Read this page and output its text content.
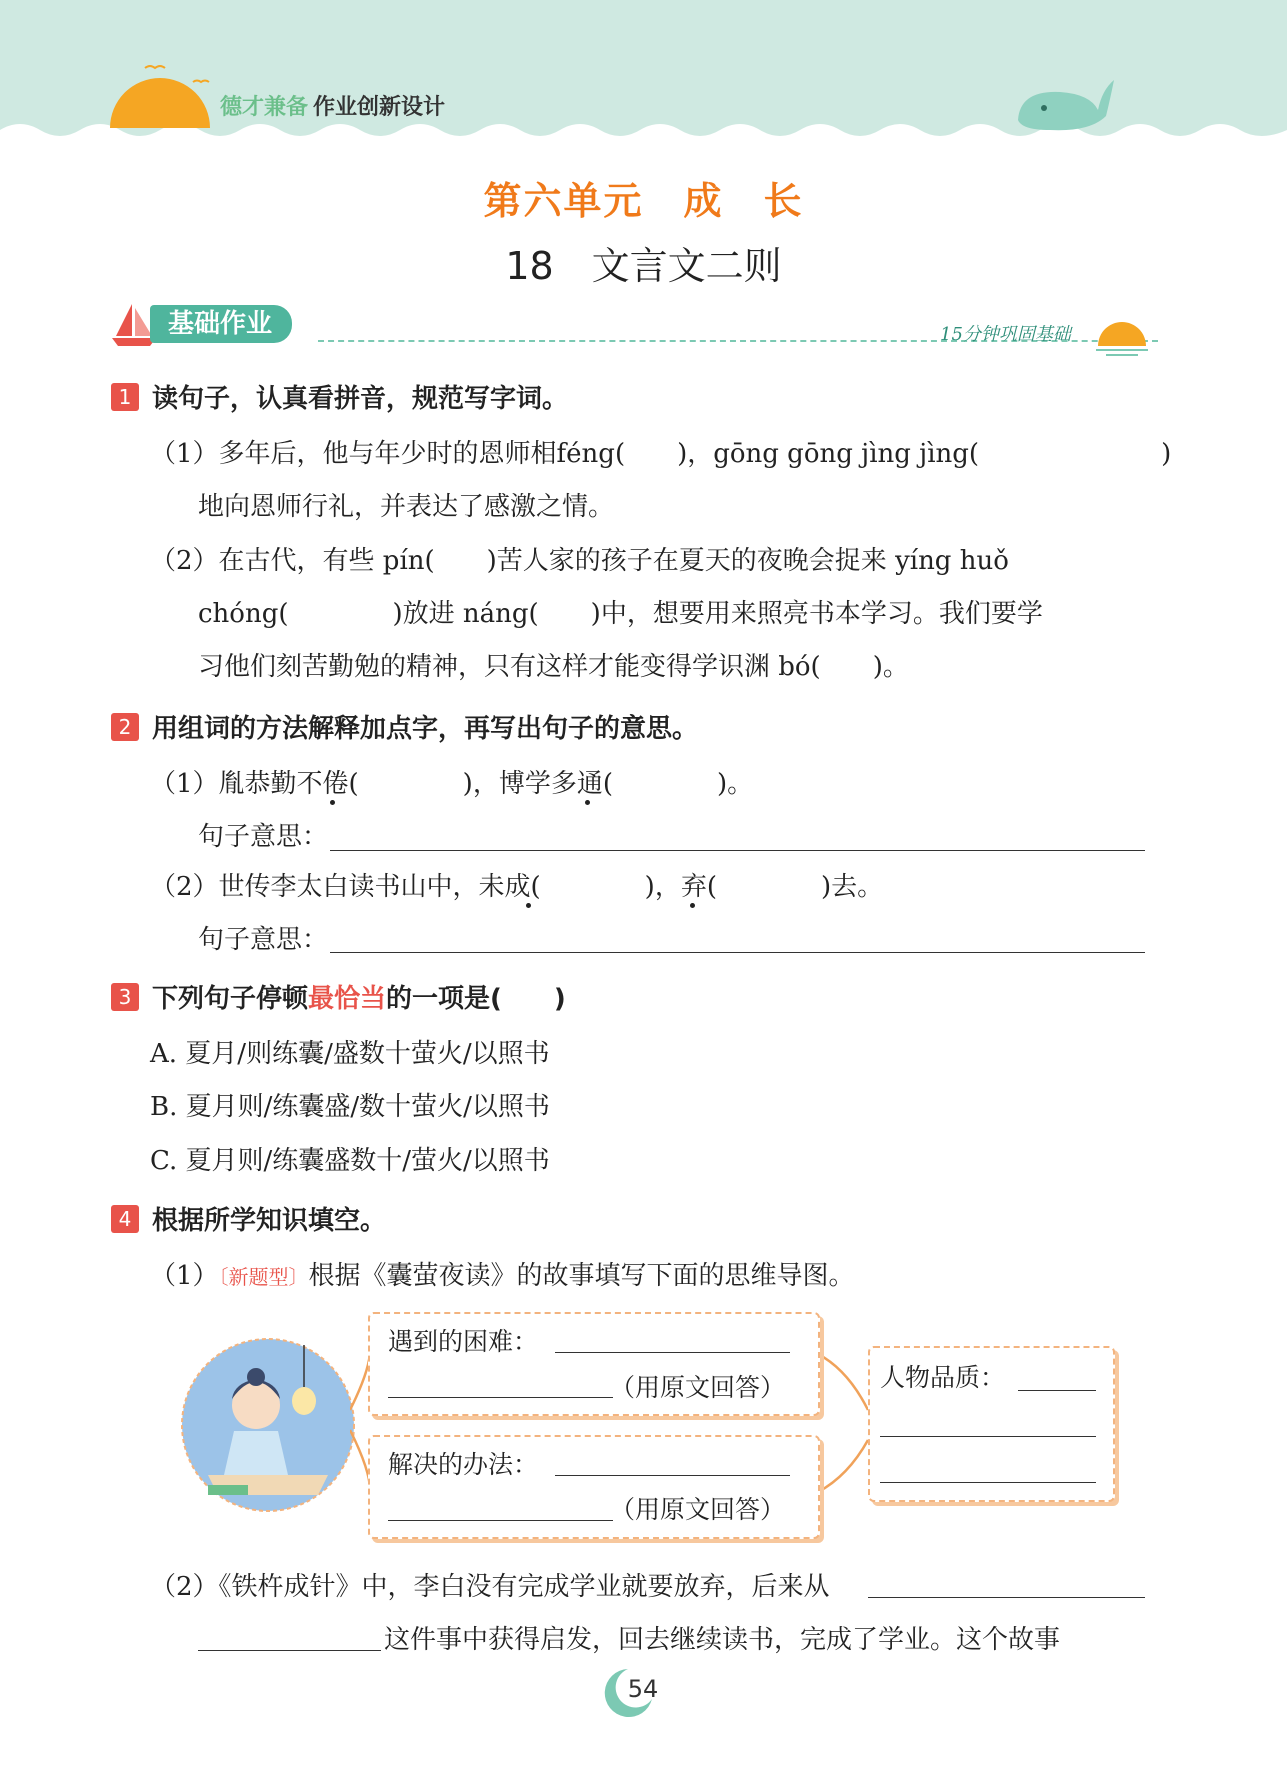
德才兼备 作业创新设计
第六单元　成　长
18　文言文二则
基础作业	15分钟巩固基础
1 读句子，认真看拼音，规范写字词。
（1）多年后，他与年少时的恩师相féng(　　)，gōng gōng jìng jìng(　　　　　　　)
地向恩师行礼，并表达了感激之情。
（2）在古代，有些 pín(　　)苦人家的孩子在夏天的夜晚会捉来 yíng huǒ
chóng(　　　　)放进 náng(　　)中，想要用来照亮书本学习。我们要学
习他们刻苦勤勉的精神，只有这样才能变得学识渊 bó(　　)。
2 用组词的方法解释加点字，再写出句子的意思。
（1）胤恭勤不倦(　　　　)，博学多通(　　　　)。
句子意思：
（2）世传李太白读书山中，未成(　　　　)，弃(　　　　)去。
句子意思：
3 下列句子停顿最恰当的一项是(　　)
A. 夏月/则练囊/盛数十萤火/以照书
B. 夏月则/练囊盛/数十萤火/以照书
C. 夏月则/练囊盛数十/萤火/以照书
4 根据所学知识填空。
（1）〔新题型〕根据《囊萤夜读》的故事填写下面的思维导图。
遇到的困难：
（用原文回答）
解决的办法：
（用原文回答）
人物品质：
（2）《铁杵成针》中，李白没有完成学业就要放弃，后来从
这件事中获得启发，回去继续读书，完成了学业。这个故事
54
